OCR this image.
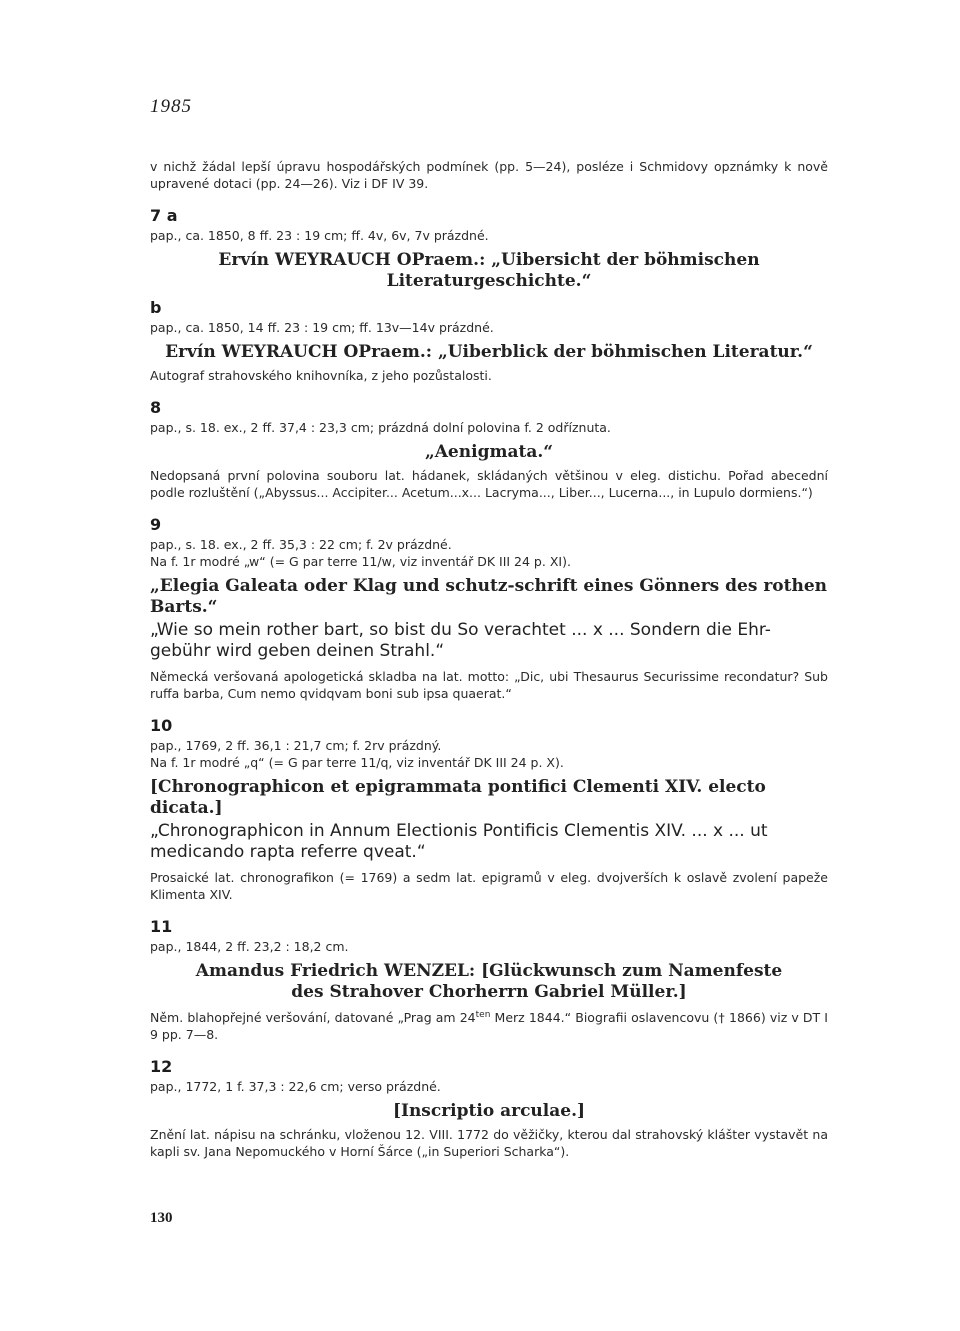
1985

v nichž žádal lepší úpravu hospodářských podmínek (pp. 5—24), posléze i Schmidovy opznámky k nově upravené dotaci (pp. 24—26). Viz i DF IV 39.

7 a

pap., ca. 1850, 8 ff. 23 : 19 cm; ff. 4v, 6v, 7v prázdné.

Ervín WEYRAUCH OPraem.: „Uibersicht der böhmischen
Literaturgeschichte.“
b

pap., ca. 1850, 14 ff. 23 : 19 cm; ff. 13v—14v prázdné.

Ervín WEYRAUCH OPraem.: „Uiberblick der böhmischen Literatur.“

Autograf strahovského knihovníka, z jeho pozůstalosti.

8

pap., s. 18. ex., 2 ff. 37,4 : 23,3 cm; prázdná dolní polovina f. 2 odříznuta.

„Aenigmata.“

Nedopsaná první polovina souboru lat. hádanek, skládaných většinou v eleg. distichu. Pořad abecední podle rozluštění („Abyssus... Accipiter... Acetum...x... Lacryma..., Liber..., Lucerna..., in Lupulo dormiens.“)

9

pap., s. 18. ex., 2 ff. 35,3 : 22 cm; f. 2v prázdné.

Na f. 1r modré „w“ (= G par terre 11/w, viz inventář DK III 24 p. XI).

„Elegia Galeata oder Klag und schutz-schrift eines Gönners des rothen Barts.“

„Wie so mein rother bart, so bist du So verachtet ... x ... Sondern die Ehr-gebühr wird geben deinen Strahl.“

Německá veršovaná apologetická skladba na lat. motto: „Dic, ubi Thesaurus Securissime recondatur? Sub ruffa barba, Cum nemo qvidqvam boni sub ipsa quaerat.“

10

pap., 1769, 2 ff. 36,1 : 21,7 cm; f. 2rv prázdný.

Na f. 1r modré „q“ (= G par terre 11/q, viz inventář DK III 24 p. X).

[Chronographicon et epigrammata pontifici Clementi XIV. electo dicata.]

„Chronographicon in Annum Electionis Pontificis Clementis XIV. ... x ... ut medicando rapta referre qveat.“

Prosaické lat. chronografikon (= 1769) a sedm lat. epigramů v eleg. dvojverších k oslavě zvolení papeže Klimenta XIV.

11

pap., 1844, 2 ff. 23,2 : 18,2 cm.

Amandus Friedrich WENZEL: [Glückwunsch zum Namenfeste
des Strahover Chorherrn Gabriel Müller.]

Něm. blahopřejné veršování, datované „Prag am $24^{ten}$ Merz 1844.“ Biografii oslavencovu († 1866) viz v DT I 9 pp. 7—8.

12

pap., 1772, 1 f. 37,3 : 22,6 cm; verso prázdné.

[Inscriptio arculae.]

Znění lat. nápisu na schránku, vloženou 12. VIII. 1772 do věžičky, kterou dal strahovský klášter vystavět na kapli sv. Jana Nepomuckého v Horní Šárce („in Superiori Scharka“).

130
